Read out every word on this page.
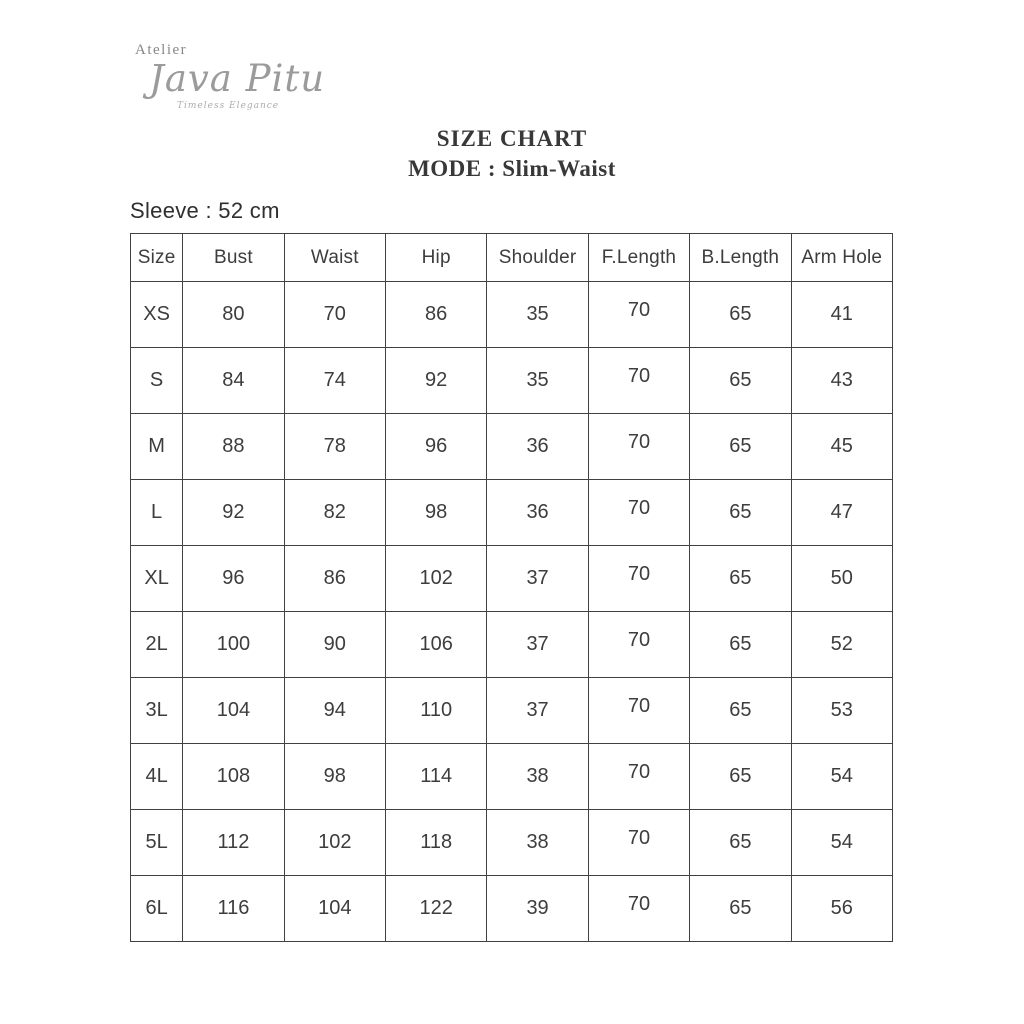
Atelier
Java Pitu
Timeless Elegance
SIZE CHART
MODE : Slim-Waist
Sleeve : 52 cm
Size	Bust	Waist	Hip	Shoulder	F.Length	B.Length	Arm Hole
XS	80	70	86	35	70	65	41
S	84	74	92	35	70	65	43
M	88	78	96	36	70	65	45
L	92	82	98	36	70	65	47
XL	96	86	102	37	70	65	50
2L	100	90	106	37	70	65	52
3L	104	94	110	37	70	65	53
4L	108	98	114	38	70	65	54
5L	112	102	118	38	70	65	54
6L	116	104	122	39	70	65	56
